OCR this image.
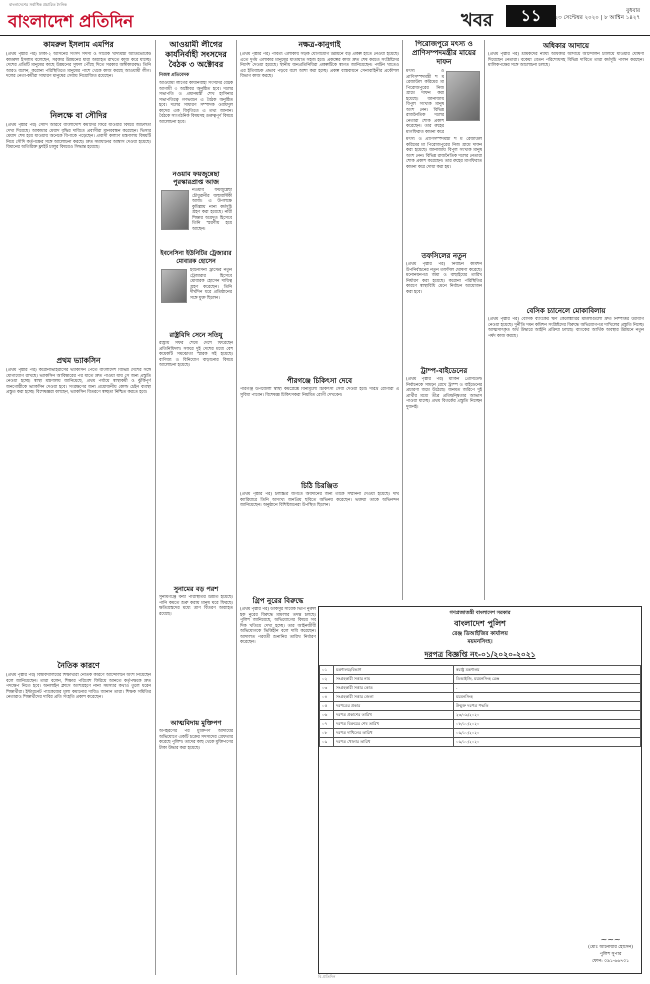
বাংলাদেশের সর্বাধিক প্রচারিত দৈনিক
বাংলাদেশ প্রতিদিন	খবর	১১	বুধবার
২৩ সেপ্টেম্বর ২০২০ | ৮ আশ্বিন ১৪২৭
কামরুল ইসলাম এমপির
(প্রথম পৃষ্ঠার পর) ঢাকা-২ আসনের সংসদ সদস্য ও সাবেক খাদ্যমন্ত্রী অ্যাডভোকেট কামরুল ইসলাম বলেছেন, সরকার উন্নয়নের ধারা অব্যাহত রাখতে কাজ করে যাচ্ছে। দেশের প্রতিটি মানুষের কাছে উন্নয়নের সুফল পৌঁছে দিতে সরকার অঙ্গীকারবদ্ধ। তিনি আরও বলেন, করোনা পরিস্থিতিতে মানুষের পাশে থেকে কাজ করছে আওয়ামী লীগ। দলের নেতা-কর্মীরা সাধারণ মানুষের সেবায় নিয়োজিত রয়েছেন।
নিলক্ষে বা সৌদির
(প্রথম পৃষ্ঠার পর) সৌদি আরবে বাংলাদেশি কর্মীদের ফিরে যাওয়ার বিষয়ে জটিলতা দেখা দিয়েছে। আকামার মেয়াদ বৃদ্ধির দাবিতে প্রবাসীরা মানববন্ধন করেছেন। ভিসার মেয়াদ শেষ হয়ে যাওয়ায় অনেকে বিপাকে পড়েছেন। প্রবাসী কল্যাণ মন্ত্রণালয় বিষয়টি নিয়ে সৌদি কর্তৃপক্ষের সঙ্গে আলোচনা করছে। দ্রুত সমাধানের আশ্বাস দেওয়া হয়েছে। বিমানের অতিরিক্ত ফ্লাইট চালুর বিষয়েও সিদ্ধান্ত হয়েছে।
প্রথম ভ্যাকসিন
(প্রথম পৃষ্ঠার পর) করোনাভাইরাসের ভ্যাকসিন পেতে বাংলাদেশ বিভিন্ন দেশের সঙ্গে যোগাযোগ রাখছে। ভ্যাকসিন আবিষ্কারের পর যাতে দ্রুত পাওয়া যায় সে জন্য প্রস্তুতি নেওয়া হচ্ছে। স্বাস্থ্য মন্ত্রণালয় জানিয়েছে, প্রথম পর্যায়ে স্বাস্থ্যকর্মী ও ঝুঁকিপূর্ণ জনগোষ্ঠীকে ভ্যাকসিন দেওয়া হবে। সংরক্ষণের জন্য প্রয়োজনীয় কোল্ড চেইন ব্যবস্থা প্রস্তুত করা হচ্ছে। বিশেষজ্ঞরা বলছেন, ভ্যাকসিন বিতরণে স্বচ্ছতা নিশ্চিত করতে হবে।
নৈতিক কারণে
(প্রথম পৃষ্ঠার পর) বিশ্ববিদ্যালয়ের শিক্ষার্থীরা নৈতিক কারণে আন্দোলনে অংশ নিয়েছেন বলে জানিয়েছেন। তারা বলেন, শিক্ষার পরিবেশ ফিরিয়ে আনতে কর্তৃপক্ষকে দ্রুত পদক্ষেপ নিতে হবে। অনলাইন ক্লাসে অংশগ্রহণে নানা সমস্যার কথাও তুলে ধরেন শিক্ষার্থীরা। ইন্টারনেট প্যাকেজের মূল্য কমানোর দাবিও জানান তারা। শিক্ষক সমিতির নেতারাও শিক্ষার্থীদের দাবির প্রতি সংহতি প্রকাশ করেছেন।
আওয়ামী লীগের কার্যনির্বাহী সংসদের বৈঠক ৩ অক্টোবর
নিজস্ব প্রতিবেদক
আওয়ামী লীগের কার্যনির্বাহী সংসদের বৈঠক আগামী ৩ অক্টোবর অনুষ্ঠিত হবে। দলের সভাপতি ও প্রধানমন্ত্রী শেখ হাসিনার সভাপতিত্বে গণভবনে এ বৈঠক অনুষ্ঠিত হবে। দলের সাধারণ সম্পাদক ওবায়দুল কাদের এক বিবৃতিতে এ তথ্য জানান। বৈঠকে সাংগঠনিক বিষয়সহ গুরুত্বপূর্ণ বিষয়ে আলোচনা হবে।
নওয়াব ফয়জুন্নেছা পুরস্কারপ্রাপ্ত আজ
নওয়াব ফয়জুন্নেছা চৌধুরানীর জন্মবার্ষিকী আজ। এ উপলক্ষে কুমিল্লায় নানা কর্মসূচি গ্রহণ করা হয়েছে। নারী শিক্ষার অগ্রদূত হিসেবে তিনি স্মরণীয় হয়ে আছেন।
ইবনেসিনা ইউনিটির ট্রেজারার মোবারক হোসেন
ইবনেসিনা ট্রাস্টের নতুন ট্রেজারার হিসেবে মোবারক হোসেন দায়িত্ব গ্রহণ করেছেন। তিনি দীর্ঘদিন ধরে প্রতিষ্ঠানের সঙ্গে যুক্ত ছিলেন।
রাষ্ট্রবিদি সেনে সতিযু
রাষ্ট্রীয় সফর শেষে দেশে ফিরেছেন প্রতিনিধিদল। সফরে দুই দেশের মধ্যে বেশ কয়েকটি সমঝোতা স্মারক সই হয়েছে। বাণিজ্য ও বিনিয়োগ বাড়ানোর বিষয়ে আলোচনা হয়েছে।
সুনামের বড় পরশ
সুনামগঞ্জে বন্যা পরিস্থিতির উন্নতি হয়েছে। পানি কমতে শুরু করায় মানুষ ঘরে ফিরছে। ক্ষতিগ্রস্তদের মধ্যে ত্রাণ বিতরণ অব্যাহত রয়েছে।
আত্মবিদায় মুক্তিপণ
অপহরণের পর মুক্তিপণ আদায়ের অভিযোগে একটি চক্রের সদস্যদের গ্রেফতার করেছে পুলিশ। তাদের কাছ থেকে মুক্তিপণের টাকা উদ্ধার করা হয়েছে।
নক্ষত্র-কানুগাই
(প্রথম পৃষ্ঠার পর) পার্বত্য এলাকায় সড়ক যোগাযোগ উন্নয়নে বড় প্রকল্প হাতে নেওয়া হয়েছে। এতে দুর্গম এলাকার মানুষের যাতায়াত সহজ হবে। প্রকল্পের কাজ দ্রুত শেষ করতে সংশ্লিষ্টদের নির্দেশ দেওয়া হয়েছে। স্থানীয় জনপ্রতিনিধিরা প্রকল্পটিকে স্বাগত জানিয়েছেন। পর্যটন খাতেও এর ইতিবাচক প্রভাব পড়বে বলে আশা করা হচ্ছে। প্রকল্প বাস্তবায়নে সেনাবাহিনীর প্রকৌশল বিভাগ কাজ করছে।
পীরগঞ্জে চিকিৎসা দেবে
পীরগঞ্জ উপজেলা স্বাস্থ্য কমপ্লেক্সে বিনামূল্যে চিকিৎসা সেবা দেওয়া হবে। দরিদ্র রোগীরা এ সুবিধা পাবেন। বিশেষজ্ঞ চিকিৎসকরা নিয়মিত রোগী দেখবেন।
চিঠি চিরঞ্জিত
(প্রথম পৃষ্ঠার পর) চলচ্চিত্র জগতে অবদানের জন্য তাকে সম্মাননা দেওয়া হয়েছে। দীর্ঘ ক্যারিয়ারে তিনি অসংখ্য জনপ্রিয় ছবিতে অভিনয় করেছেন। ভক্তরা তাকে অভিনন্দন জানিয়েছেন। অনুষ্ঠানে বিশিষ্টজনেরা উপস্থিত ছিলেন।
গ্রিপ নুরের বিরুদ্ধে
(প্রথম পৃষ্ঠার পর) ডাকসুর সাবেক ভিপি নুরুল হক নুরের বিরুদ্ধে মামলার তদন্ত চলছে। পুলিশ জানিয়েছে, অভিযোগের বিষয়ে সব দিক খতিয়ে দেখা হচ্ছে। তার আইনজীবী অভিযোগকে ভিত্তিহীন বলে দাবি করেছেন। আদালত পরবর্তী শুনানির তারিখ নির্ধারণ করেছেন।
পিরোজপুরে মৎস্য ও প্রাণিসম্পদমন্ত্রীর মায়ের দাফন
মৎস্য ও প্রাণিসম্পদমন্ত্রী শ ম রেজাউল করিমের মা পিরোজপুরের নিজ গ্রামে দাফন করা হয়েছে। জানাজায় বিপুল সংখ্যক মানুষ অংশ নেন। বিভিন্ন রাজনৈতিক দলের নেতারা শোক প্রকাশ করেছেন। তার রুহের মাগফিরাত কামনা করে
মৎস্য ও প্রাণিসম্পদমন্ত্রী শ ম রেজাউল করিমের মা পিরোজপুরের নিজ গ্রামে দাফন করা হয়েছে। জানাজায় বিপুল সংখ্যক মানুষ অংশ নেন। বিভিন্ন রাজনৈতিক দলের নেতারা শোক প্রকাশ করেছেন। তার রুহের মাগফিরাত কামনা করে দোয়া করা হয়।
তফসিলের নতুন
(প্রথম পৃষ্ঠার পর) নির্বাচন কমিশন উপনির্বাচনের নতুন তফসিল ঘোষণা করেছে। মনোনয়নপত্র জমা ও বাছাইয়ের তারিখ নির্ধারণ করা হয়েছে। করোনা পরিস্থিতির কারণে স্বাস্থ্যবিধি মেনে নির্বাচন আয়োজন করা হবে।
ট্রাম্প-বাইডেনের
(প্রথম পৃষ্ঠার পর) মার্কিন প্রেসিডেন্ট নির্বাচনকে সামনে রেখে ট্রাম্প ও বাইডেনের প্রচারণা জমে উঠেছে। জনমত জরিপে দুই প্রার্থীর মধ্যে তীব্র প্রতিদ্বন্দ্বিতার আভাস পাওয়া যাচ্ছে। প্রথম বিতর্কের প্রস্তুতি নিচ্ছেন দুজনই।
অধিকার আদায়ে
(প্রথম পৃষ্ঠার পর) শ্রমিকদের ন্যায্য অধিকার আদায়ে আন্দোলন চালিয়ে যাওয়ার ঘোষণা দিয়েছেন নেতারা। বকেয়া বেতন পরিশোধসহ বিভিন্ন দাবিতে তারা কর্মসূচি পালন করছেন। মালিকপক্ষের সঙ্গে আলোচনা চলছে।
বেসিক চ্যানেলে মোকাবিলায়
(প্রথম পৃষ্ঠার পর) বেসিক ব্যাংকের ঋণ কেলেঙ্কারির মামলাগুলো দ্রুত নিষ্পত্তির উদ্যোগ নেওয়া হয়েছে। দুর্নীতি দমন কমিশন সংশ্লিষ্টদের বিরুদ্ধে অভিযোগপত্র দাখিলের প্রস্তুতি নিচ্ছে। আত্মসাৎকৃত অর্থ উদ্ধারে আইনি প্রক্রিয়া চলছে। ব্যাংকের আর্থিক অবস্থার উন্নয়নে নতুন পর্ষদ কাজ করছে।
গণপ্রজাতন্ত্রী বাংলাদেশ সরকার
বাংলাদেশ পুলিশ
রেঞ্জ ডিআইজির কার্যালয়
ময়মনসিংহ।
দরপত্র বিজ্ঞপ্তি নং-০১/২০২০-২০২১
০১	মন্ত্রণালয়/বিভাগ	স্বরাষ্ট্র মন্ত্রণালয়
০২	সংগ্রহকারী সত্তার নাম	ডিআইজি, ময়মনসিংহ রেঞ্জ
০৩	সংগ্রহকারী সত্তার কোড	-
০৪	সংগ্রহকারী সত্তার জেলা	ময়মনসিংহ
০৫	দরপত্রের প্রকার	উন্মুক্ত দরপত্র পদ্ধতি
০৬	দরপত্র প্রকাশের তারিখ	২৩/০৯/২০২০
০৭	দরপত্র বিক্রয়ের শেষ তারিখ	০৮/১০/২০২০
০৮	দরপত্র দাখিলের তারিখ	০৯/১০/২০২০
০৯	দরপত্র খোলার তারিখ	০৯/১০/২০২০
~~~
(মোঃ আনোয়ার হোসেন)
পুলিশ সুপার
ফোন: ০৯১-৬৬৭০১
বি.প্রতিদিন
